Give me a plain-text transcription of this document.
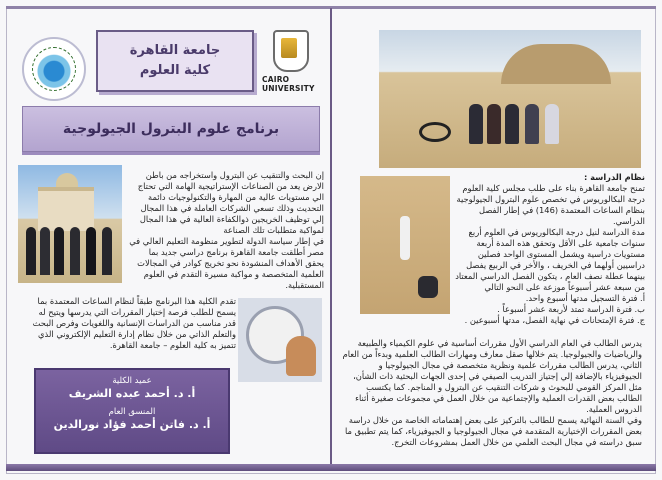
جامعة القاهرة
كلية العلوم
CAIRO UNIVERSITY
برنامج علوم البترول الجيولوجية
إن البحث والتنقيب عن البترول واستخراجه من باطن الارض يعد من الصناعات الإستراتيجية الهامة التي تحتاج الي مستويات عالية من المهارة والتكنولوجيات دائمة التحديث وذلك تسعي الشركات العاملة في هذا المجال إلي توظيف الخريجين ذوالكفاءة العالية في هذا المجال لمواكبة متطلبات تلك الصناعة
في إطار سياسة الدولة لتطوير منظومة التعليم العالي في مصر أطلقت جامعة القاهرة برنامج دراسي جديد بما يحقق الأهداف المنشودة نحو تخريج كوادر في المجالات العلمية المتخصصة و مواكبة مسيرة التقدم في العلوم المستقبلية.
تقدم الكلية هذا البرنامج طبقاً لنظام الساعات المعتمدة بما يسمح للطلب فرصة إختيار المقررات التي يدرسها ويتيح له قدر مناسب من الدراسات الإنسانية واللغويات وفرص البحث والتعلم الذاتي من خلال نظام إدارة التعليم الإلكتروني الذي تتميز به كلية العلوم – جامعة القاهرة.
عميد الكلية
أ. د. أحمد عبده الشريف
المنسق العام
أ. د. فاتن أحمد فؤاد نورالدين
نظام الدراسة :
تمنح جامعة القاهرة بناء على طلب مجلس كلية العلوم درجة البكالوريوس في تخصص علوم البترول الجيولوجية بنظام الساعات المعتمدة (146) في إطار الفصل الدراسي.
مدة الدراسة لنيل درجة البكالوريوس في العلوم أربع سنوات جامعية على الأقل وتحقق هذه المدة أربعة مستويات دراسية ويشمل المستوى الواحد فصلين دراسيين أولهما في الخريف ، والأخر في الربيع يفصل بينهما عطلة نصف العام ، يتكون الفصل الدراسي المعتاد من سبعة عشر أسبوعاً موزعة على النحو التالي
أ. فترة التسجيل مدتها أسبوع واحد.
ب. فترة الدراسة تمتد لأربعة عشر أسبوعاً .
ج. فترة الإمتحانات في نهاية الفصل، مدتها أسبوعين .
يدرس الطالب في العام الدراسي الأول مقررات أساسية في علوم الكيمياء والطبيعة والرياضيات والجيولوجيا. يتم خلالها صقل معارف ومهارات الطالب العلمية وبدءاً من العام الثاني، يدرس الطالب مقررات علمية ونظرية متخصصة في مجال الجيولوجيا و الجيوفيزياء بالإضافة إلي إجتياز التدريب الصيفي في إحدى الجهات البحثية ذات الشأن، مثل المركز القومي للبحوث و شركات التنقيب عن البترول و المناجم. كما يكتسب الطالب بعض القدرات العملية والإجتماعية من خلال العمل في مجموعات صغيرة أثناء الدروس العملية.
وفي السنة النهائية يسمح للطالب بالتركيز على بعض إهتماماته الخاصة من خلال دراسة بعض المقررات الإختيارية المتقدمة في مجال الجيولوجيا و الجيوفيزياء، كما يتم تطبيق ما سبق دراسته في مجال البحث العلمي من خلال العمل بمشروعات التخرج.
